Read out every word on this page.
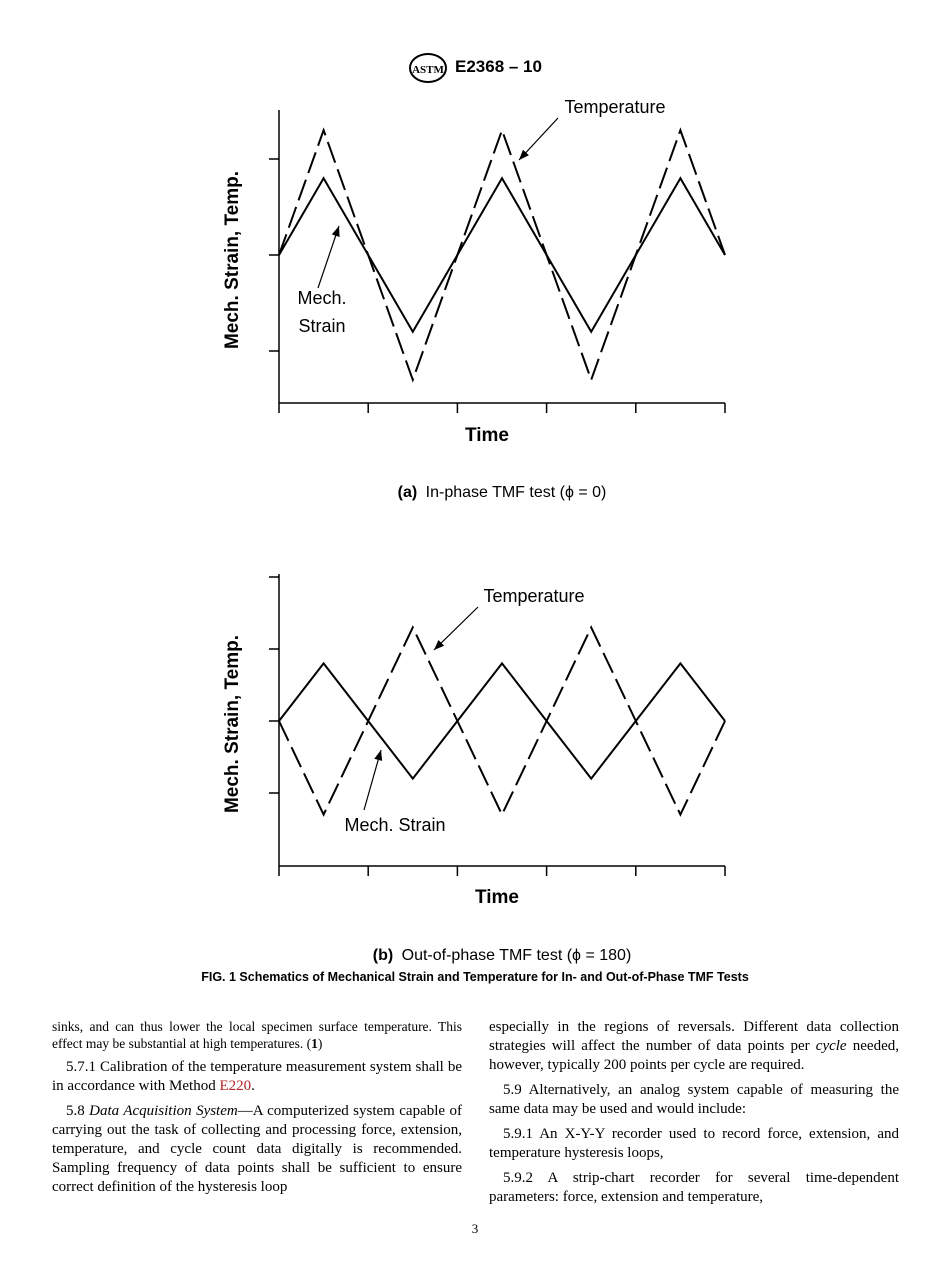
ASTM E2368 – 10
Mech. Strain, Temp.
Time
Temperature
Mech.
Strain
(a) In-phase TMF test (ϕ = 0)
Mech. Strain, Temp.
Time
Temperature
Mech. Strain
(b) Out-of-phase TMF test (ϕ = 180)
FIG. 1 Schematics of Mechanical Strain and Temperature for In- and Out-of-Phase TMF Tests

sinks, and can thus lower the local specimen surface temperature. This effect may be substantial at high temperatures. (1)

5.7.1 Calibration of the temperature measurement system shall be in accordance with Method E220.

5.8 Data Acquisition System—A computerized system capable of carrying out the task of collecting and processing force, extension, temperature, and cycle count data digitally is recommended. Sampling frequency of data points shall be sufficient to ensure correct definition of the hysteresis loop

especially in the regions of reversals. Different data collection strategies will affect the number of data points per cycle needed, however, typically 200 points per cycle are required.

5.9 Alternatively, an analog system capable of measuring the same data may be used and would include:

5.9.1 An X-Y-Y recorder used to record force, extension, and temperature hysteresis loops,

5.9.2 A strip-chart recorder for several time-dependent parameters: force, extension and temperature,

3
